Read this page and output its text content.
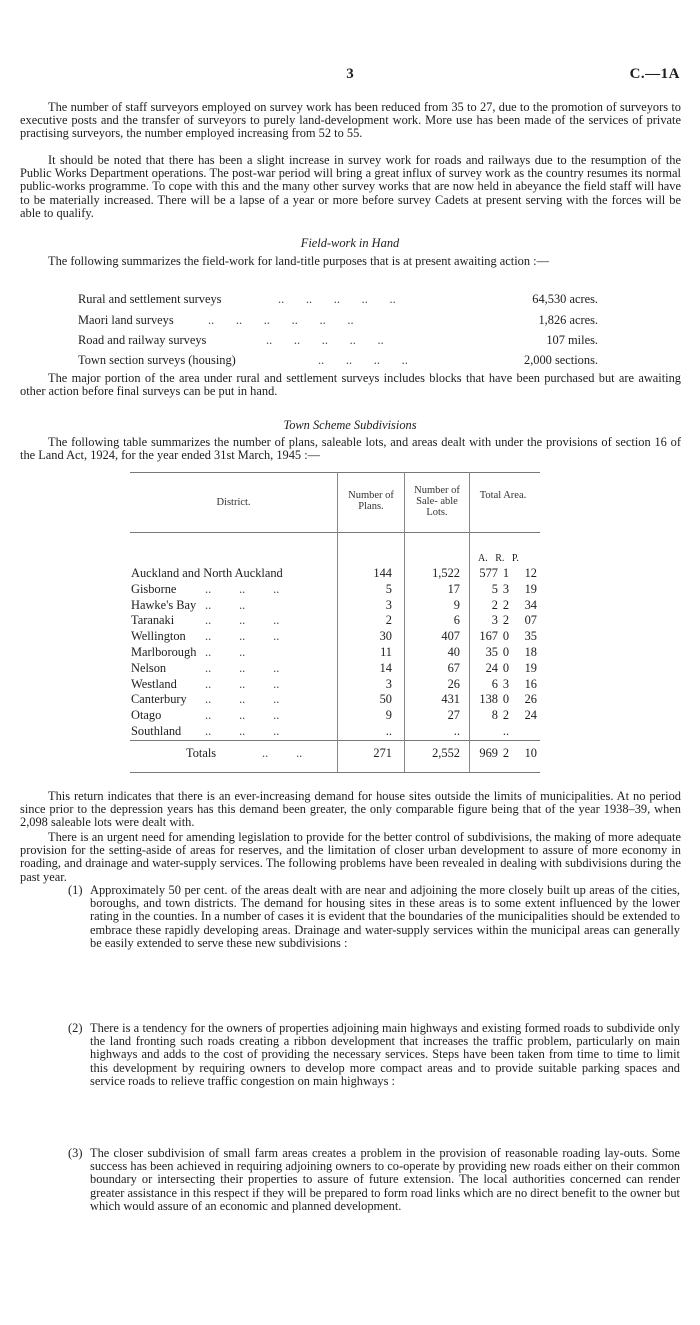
3	C.—1A

The number of staff surveyors employed on survey work has been reduced from 35 to 27, due to the promotion of surveyors to executive posts and the transfer of surveyors to purely land-development work. More use has been made of the services of private practising surveyors, the number employed increasing from 52 to 55.

It should be noted that there has been a slight increase in survey work for roads and railways due to the resumption of the Public Works Department operations. The post-war period will bring a great influx of survey work as the country resumes its normal public-works programme. To cope with this and the many other survey works that are now held in abeyance the field staff will have to be materially increased. There will be a lapse of a year or more before survey Cadets at present serving with the forces will be able to qualify.

Field-work in Hand

The following summarizes the field-work for land-title purposes that is at present awaiting action :—

Rural and settlement surveys	..       ..       ..       ..       ..	64,530 acres.
Maori land surveys	..       ..       ..       ..       ..       ..	1,826 acres.
Road and railway surveys	..       ..       ..       ..       ..	107 miles.
Town section surveys (housing)	..       ..       ..       ..	2,000 sections.

The major portion of the area under rural and settlement surveys includes blocks that have been purchased but are awaiting other action before final surveys can be put in hand.

Town Scheme Subdivisions

The following table summarizes the number of plans, saleable lots, and areas dealt with under the provisions of section 16 of the Land Act, 1924, for the year ended 31st March, 1945 :—

District.
Number of Plans.
Number of Sale- able Lots.
Total Area.
A.   R.   P.
Auckland and North Auckland	144	1,522	577 1	12
Gisborne ..         ..         ..	5	17	5 3	19
Hawke's Bay ..         ..	3	9	2 2	34
Taranaki ..         ..         ..	2	6	3 2	07
Wellington ..         ..         ..	30	407	167 0	35
Marlborough ..         ..	11	40	35 0	18
Nelson	..         ..         ..	14	67	24 0	19
Westland ..         ..         ..	3	26	6 3	16
Canterbury ..         ..         ..	50	431	138 0	26
Otago	..         ..         ..	9	27	8 2	24
Southland ..         ..         ..	..	..	..
Totals	..         ..	271	2,552	969 2	10

This return indicates that there is an ever-increasing demand for house sites outside the limits of municipalities. At no period since prior to the depression years has this demand been greater, the only comparable figure being that of the year 1938–39, when 2,098 saleable lots were dealt with.

There is an urgent need for amending legislation to provide for the better control of subdivisions, the making of more adequate provision for the setting-aside of areas for reserves, and the limitation of closer urban development to assure of more economy in roading, and drainage and water-supply services. The following problems have been revealed in dealing with subdivisions during the past year.

(1) Approximately 50 per cent. of the areas dealt with are near and adjoining the more closely built up areas of the cities, boroughs, and town districts. The demand for housing sites in these areas is to some extent influenced by the lower rating in the counties. In a number of cases it is evident that the boundaries of the municipalities should be extended to embrace these rapidly developing areas. Drainage and water-supply services within the municipal areas can generally be easily extended to serve these new subdivisions :
(2) There is a tendency for the owners of properties adjoining main highways and existing formed roads to subdivide only the land fronting such roads creating a ribbon development that increases the traffic problem, particularly on main highways and adds to the cost of providing the necessary services. Steps have been taken from time to time to limit this development by requiring owners to develop more compact areas and to provide suitable parking spaces and service roads to relieve traffic congestion on main highways :
(3) The closer subdivision of small farm areas creates a problem in the provision of reasonable roading lay-outs. Some success has been achieved in requiring adjoining owners to co-operate by providing new roads either on their common boundary or intersecting their properties to assure of future extension. The local authorities concerned can render greater assistance in this respect if they will be prepared to form road links which are no direct benefit to the owner but which would assure of an economic and planned development.
